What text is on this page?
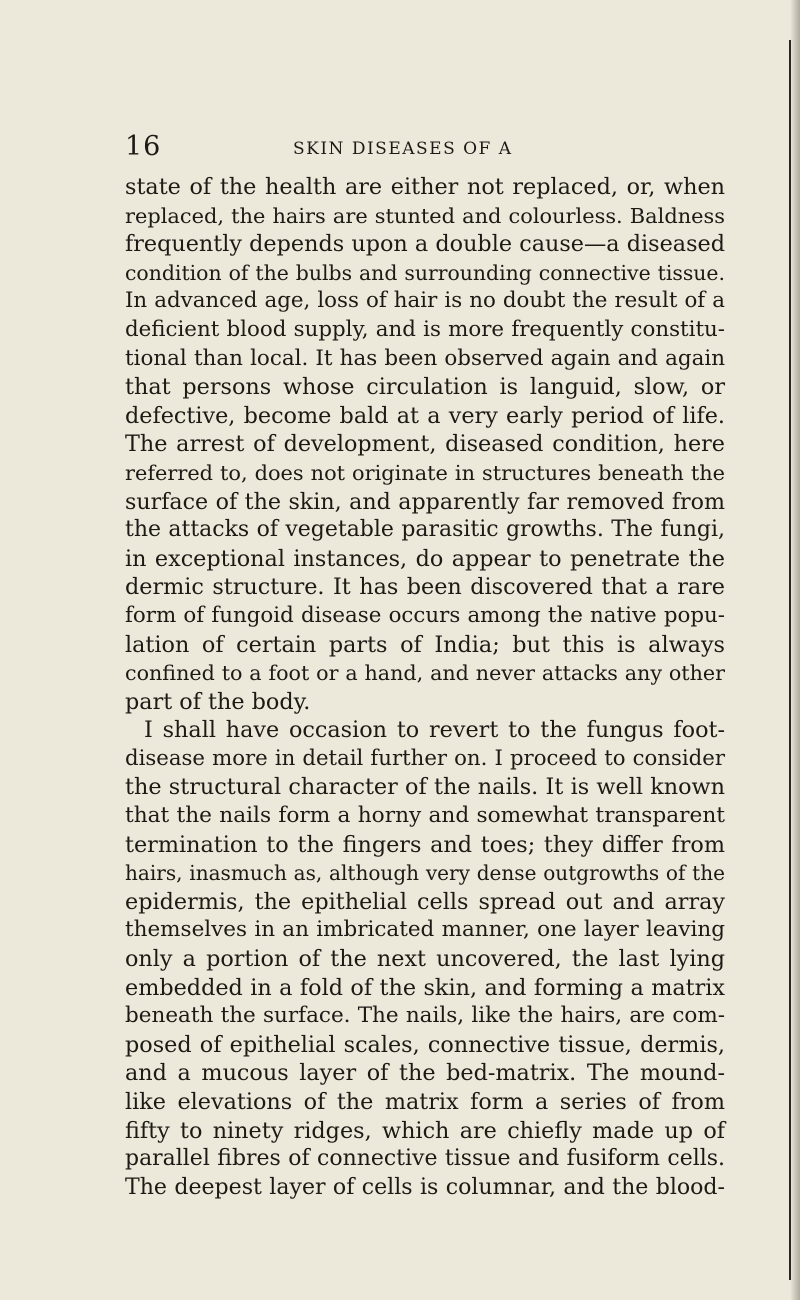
16	SKIN DISEASES OF A
state of the health are either not replaced, or, when
replaced, the hairs are stunted and colourless. Baldness
frequently depends upon a double cause—a diseased
condition of the bulbs and surrounding connective tissue.
In advanced age, loss of hair is no doubt the result of a
deficient blood supply, and is more frequently constitu-
tional than local. It has been observed again and again
that persons whose circulation is languid, slow, or
defective, become bald at a very early period of life.
The arrest of development, diseased condition, here
referred to, does not originate in structures beneath the
surface of the skin, and apparently far removed from
the attacks of vegetable parasitic growths. The fungi,
in exceptional instances, do appear to penetrate the
dermic structure. It has been discovered that a rare
form of fungoid disease occurs among the native popu-
lation of certain parts of India; but this is always
confined to a foot or a hand, and never attacks any other
part of the body.
I shall have occasion to revert to the fungus foot-
disease more in detail further on. I proceed to consider
the structural character of the nails. It is well known
that the nails form a horny and somewhat transparent
termination to the fingers and toes; they differ from
hairs, inasmuch as, although very dense outgrowths of the
epidermis, the epithelial cells spread out and array
themselves in an imbricated manner, one layer leaving
only a portion of the next uncovered, the last lying
embedded in a fold of the skin, and forming a matrix
beneath the surface. The nails, like the hairs, are com-
posed of epithelial scales, connective tissue, dermis,
and a mucous layer of the bed-matrix. The mound-
like elevations of the matrix form a series of from
fifty to ninety ridges, which are chiefly made up of
parallel fibres of connective tissue and fusiform cells.
The deepest layer of cells is columnar, and the blood-
